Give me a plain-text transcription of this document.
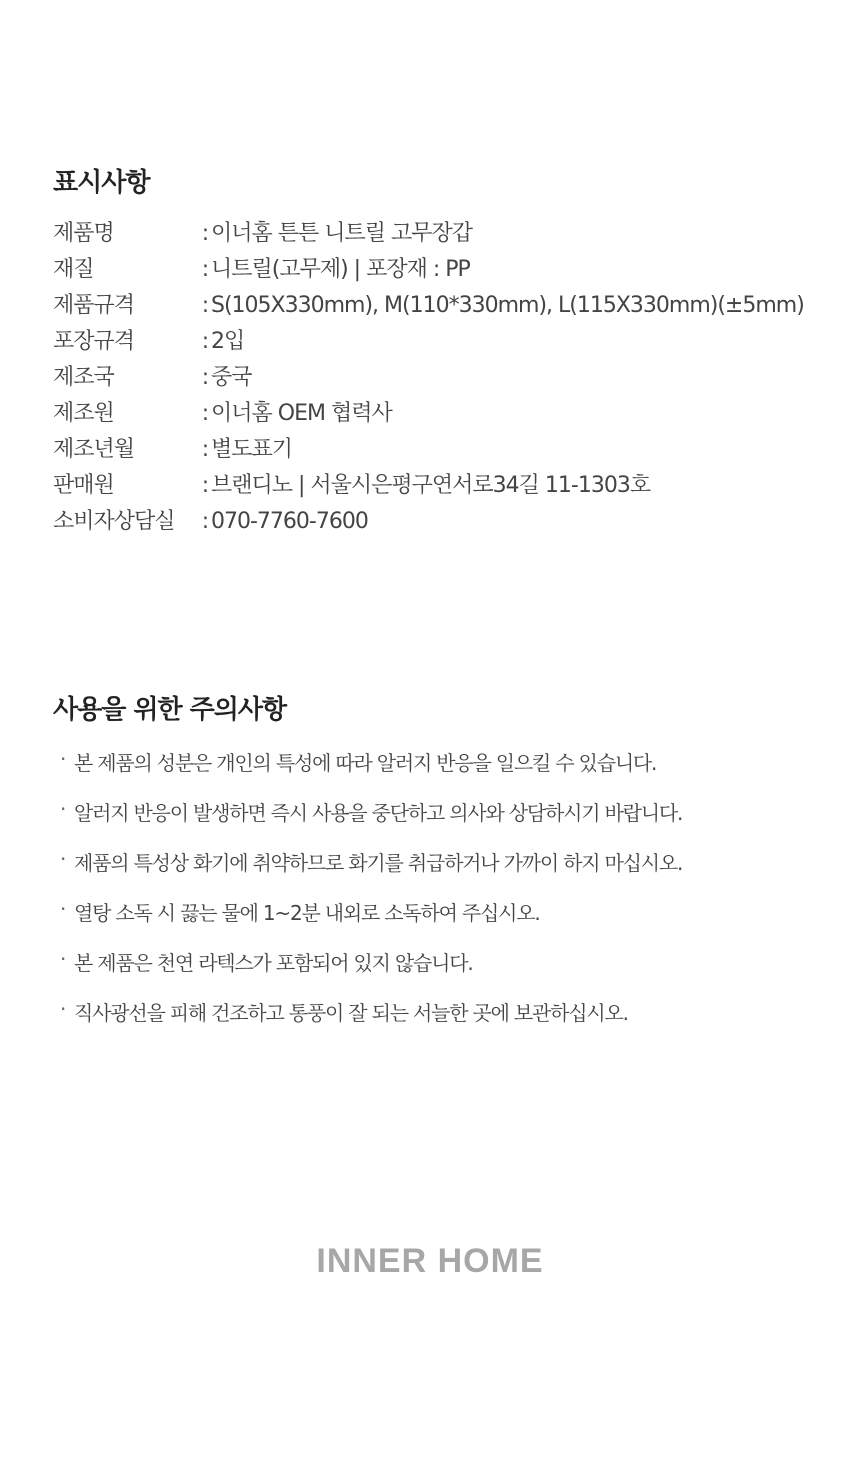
표시사항
제품명	: 이너홈 튼튼 니트릴 고무장갑
재질	: 니트릴(고무제) | 포장재 : PP
제품규격	: S(105X330mm), M(110*330mm), L(115X330mm)(±5mm)
포장규격	: 2입
제조국	: 중국
제조원	: 이너홈 OEM 협력사
제조년월	: 별도표기
판매원	: 브랜디노 | 서울시은평구연서로34길 11-1303호
소비자상담실	: 070-7760-7600
사용을 위한 주의사항
· 본 제품의 성분은 개인의 특성에 따라 알러지 반응을 일으킬 수 있습니다.
· 알러지 반응이 발생하면 즉시 사용을 중단하고 의사와 상담하시기 바랍니다.
· 제품의 특성상 화기에 취약하므로 화기를 취급하거나 가까이 하지 마십시오.
· 열탕 소독 시 끓는 물에 1~2분 내외로 소독하여 주십시오.
· 본 제품은 천연 라텍스가 포함되어 있지 않습니다.
· 직사광선을 피해 건조하고 통풍이 잘 되는 서늘한 곳에 보관하십시오.
INNER HOME
